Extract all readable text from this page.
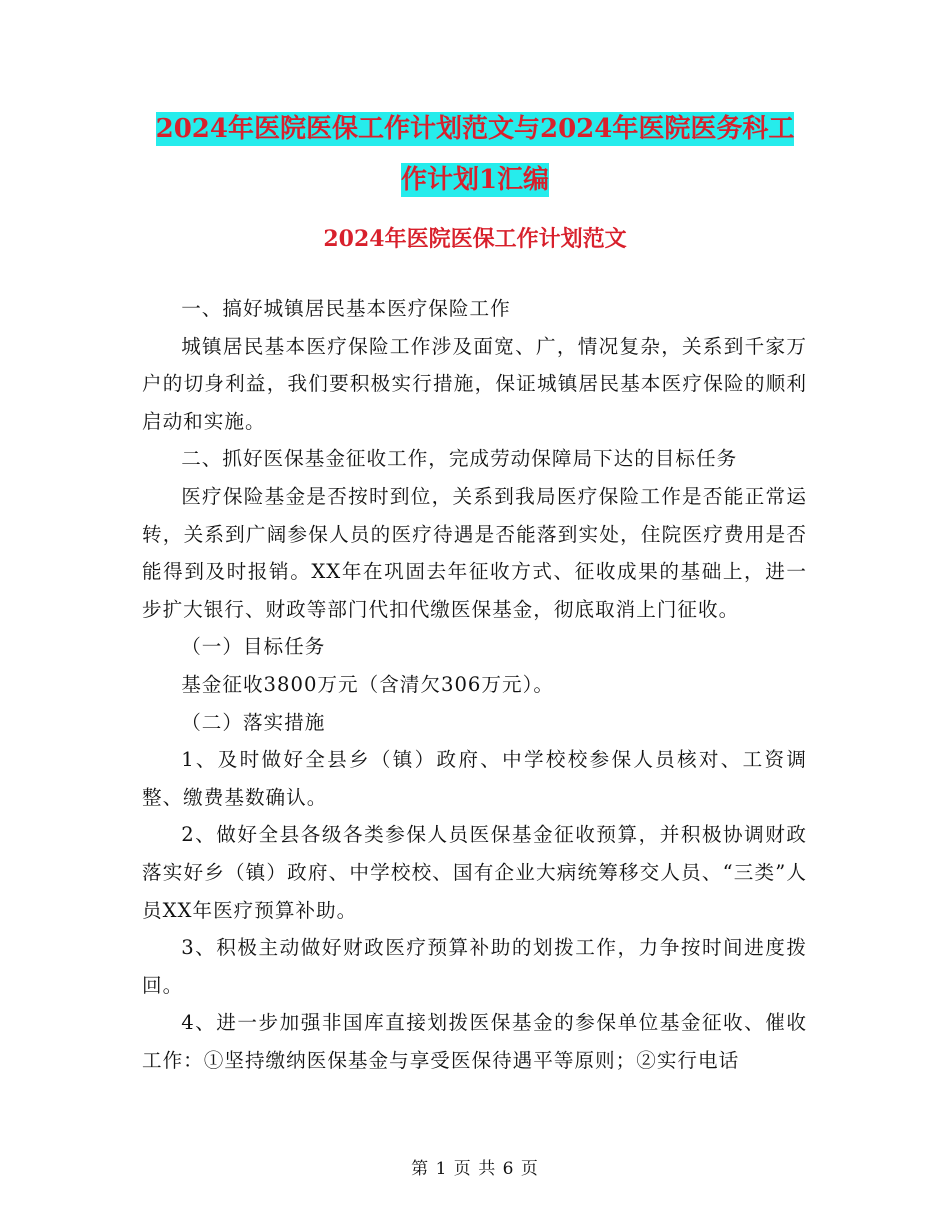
2024年医院医保工作计划范文与2024年医院医务科工
作计划1汇编
2024年医院医保工作计划范文

一、搞好城镇居民基本医疗保险工作

城镇居民基本医疗保险工作涉及面宽、广，情况复杂，关系到千家万户的切身利益，我们要积极实行措施，保证城镇居民基本医疗保险的顺利启动和实施。

二、抓好医保基金征收工作，完成劳动保障局下达的目标任务

医疗保险基金是否按时到位，关系到我局医疗保险工作是否能正常运转，关系到广阔参保人员的医疗待遇是否能落到实处，住院医疗费用是否能得到及时报销。XX年在巩固去年征收方式、征收成果的基础上，进一步扩大银行、财政等部门代扣代缴医保基金，彻底取消上门征收。

（一）目标任务

基金征收3800万元（含清欠306万元）。

（二）落实措施

1、及时做好全县乡（镇）政府、中学校校参保人员核对、工资调整、缴费基数确认。

2、做好全县各级各类参保人员医保基金征收预算，并积极协调财政落实好乡（镇）政府、中学校校、国有企业大病统筹移交人员、“三类”人员XX年医疗预算补助。

3、积极主动做好财政医疗预算补助的划拨工作，力争按时间进度拨回。

4、进一步加强非国库直接划拨医保基金的参保单位基金征收、催收工作：①坚持缴纳医保基金与享受医保待遇平等原则；②实行电话

第 1 页 共 6 页
